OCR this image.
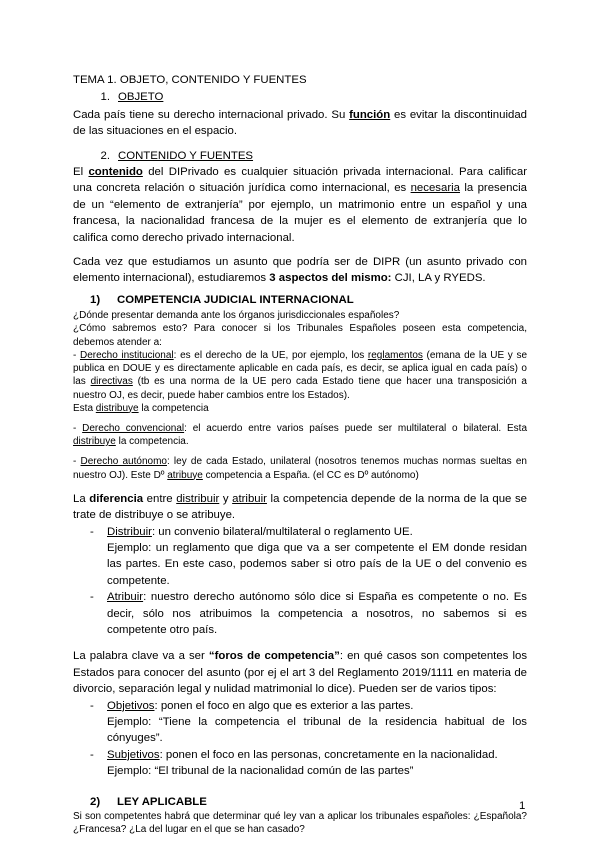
TEMA 1. OBJETO, CONTENIDO Y FUENTES

1. OBJETO

Cada país tiene su derecho internacional privado. Su función es evitar la discontinuidad de las situaciones en el espacio.

2. CONTENIDO Y FUENTES

El contenido del DIPrivado es cualquier situación privada internacional. Para calificar una concreta relación o situación jurídica como internacional, es necesaria la presencia de un “elemento de extranjería” por ejemplo, un matrimonio entre un español y una francesa, la nacionalidad francesa de la mujer es el elemento de extranjería que lo califica como derecho privado internacional.

Cada vez que estudiamos un asunto que podría ser de DIPR (un asunto privado con elemento internacional), estudiaremos 3 aspectos del mismo: CJI, LA y RYEDS.

1) COMPETENCIA JUDICIAL INTERNACIONAL

¿Dónde presentar demanda ante los órganos jurisdiccionales españoles?

¿Cómo sabremos esto? Para conocer si los Tribunales Españoles poseen esta competencia, debemos atender a:

- Derecho institucional: es el derecho de la UE, por ejemplo, los reglamentos (emana de la UE y se publica en DOUE y es directamente aplicable en cada país, es decir, se aplica igual en cada país) o las directivas (tb es una norma de la UE pero cada Estado tiene que hacer una transposición a nuestro OJ, es decir, puede haber cambios entre los Estados).

Esta distribuye la competencia

- Derecho convencional: el acuerdo entre varios países puede ser multilateral o bilateral. Esta distribuye la competencia.

- Derecho autónomo: ley de cada Estado, unilateral (nosotros tenemos muchas normas sueltas en nuestro OJ). Este Dº atribuye competencia a España. (el CC es Dº autónomo)

La diferencia entre distribuir y atribuir la competencia depende de la norma de la que se trate de distribuye o se atribuye.

- Distribuir: un convenio bilateral/multilateral o reglamento UE.
Ejemplo: un reglamento que diga que va a ser competente el EM donde residan las partes. En este caso, podemos saber si otro país de la UE o del convenio es competente.
- Atribuir: nuestro derecho autónomo sólo dice si España es competente o no. Es decir, sólo nos atribuimos la competencia a nosotros, no sabemos si es competente otro país.

La palabra clave va a ser “foros de competencia”: en qué casos son competentes los Estados para conocer del asunto (por ej el art 3 del Reglamento 2019/1111 en materia de divorcio, separación legal y nulidad matrimonial lo dice). Pueden ser de varios tipos:

- Objetivos: ponen el foco en algo que es exterior a las partes.
Ejemplo: “Tiene la competencia el tribunal de la residencia habitual de los cónyuges”.
- Subjetivos: ponen el foco en las personas, concretamente en la nacionalidad.
Ejemplo: “El tribunal de la nacionalidad común de las partes”

2) LEY APLICABLE

Si son competentes habrá que determinar qué ley van a aplicar los tribunales españoles: ¿Española? ¿Francesa? ¿La del lugar en el que se han casado?

1
